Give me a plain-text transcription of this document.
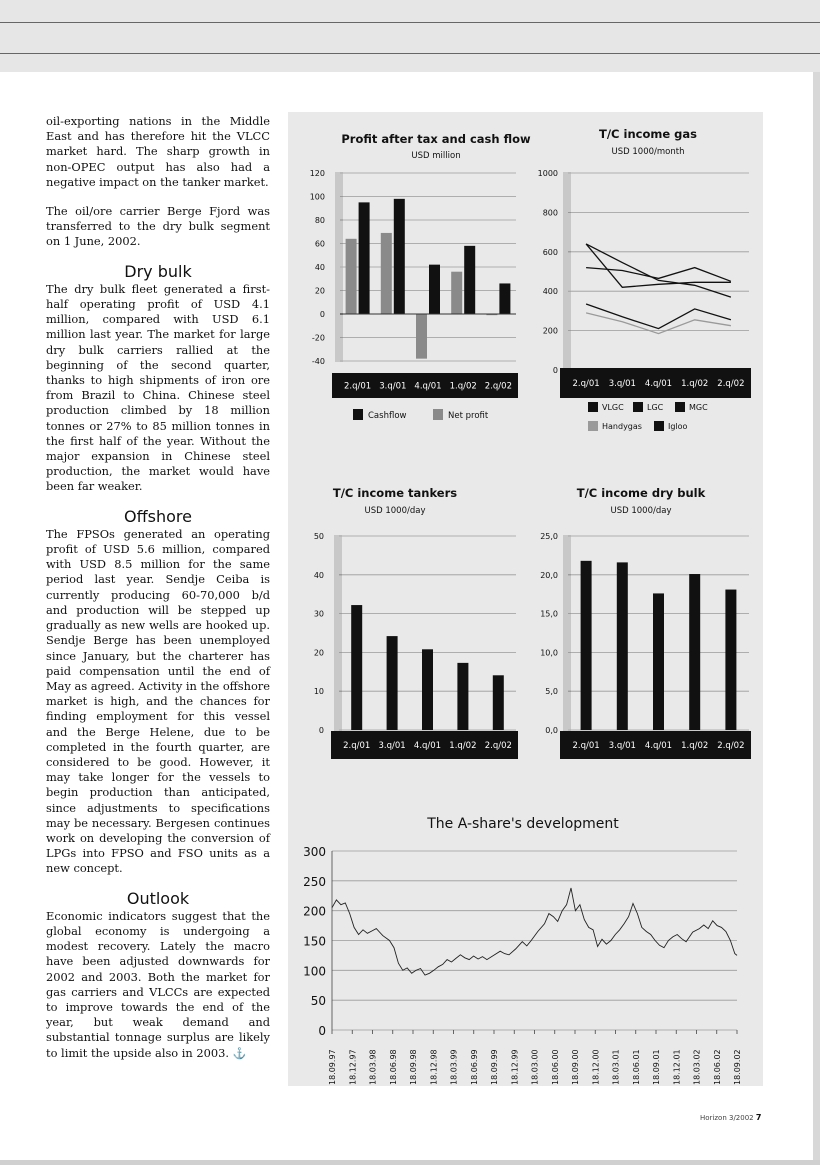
oil-exporting nations in the Middle East and has therefore hit the VLCC market hard. The sharp growth in non-OPEC output has also had a negative impact on the tanker market.

The oil/ore carrier Berge Fjord was transferred to the dry bulk segment on 1 June, 2002.

Dry bulk

The dry bulk fleet generated a first-half operating profit of USD 4.1 million, compared with USD 6.1 million last year. The market for large dry bulk carriers rallied at the beginning of the second quarter, thanks to high shipments of iron ore from Brazil to China. Chinese steel production climbed by 18 million tonnes or 27% to 85 million tonnes in the first half of the year. Without the major expansion in Chinese steel production, the market would have been far weaker.

Offshore

The FPSOs generated an operating profit of USD 5.6 million, compared with USD 8.5 million for the same period last year. Sendje Ceiba is currently producing 60-70,000 b/d and production will be stepped up gradually as new wells are hooked up. Sendje Berge has been unemployed since January, but the charterer has paid compensation until the end of May as agreed. Activity in the offshore market is high, and the chances for finding employment for this vessel and the Berge Helene, due to be completed in the fourth quarter, are considered to be good. However, it may take longer for the vessels to begin production than anticipated, since adjustments to specifications may be necessary. Bergesen continues work on developing the conversion of LPGs into FPSO and FSO units as a new concept.

Outlook

Economic indicators suggest that the global economy is undergoing a modest recovery. Lately the macro have been adjusted downwards for 2002 and 2003. Both the market for gas carriers and VLCCs are expected to improve towards the end of the year, but weak demand and substantial tonnage surplus are likely to limit the upside also in 2003. ⚓

Profit after tax and cash flow
USD million
120
100
80
60
40
20
0
-20
-40
2.q/01 3.q/01 4.q/01 1.q/02 2.q/02
Cashflow	Net profit
T/C income gas
USD 1000/month
1000
800
600
400
200
0
2.q/01 3.q/01 4.q/01 1.q/02 2.q/02
VLGC	LGC	MGC
Handygas	Igloo
T/C income tankers
USD 1000/day
50
40
30
20
10
0
2.q/01 3.q/01 4.q/01 1.q/02 2.q/02
T/C income dry bulk
USD 1000/day
25,0
20,0
15,0
10,0
5,0
0,0
2.q/01 3.q/01 4.q/01 1.q/02 2.q/02
The A-share's development
300
250
200
150
100
50
0
18.09.97 18.12.97 18.03.98 18.06.98 18.09.98 18.12.98 18.03.99 18.06.99 18.09.99 18.12.99 18.03.00 18.06.00 18.09.00 18.12.00 18.03.01 18.06.01 18.09.01 18.12.01 18.03.02 18.06.02 18.09.02
Horizon 3/2002 7
